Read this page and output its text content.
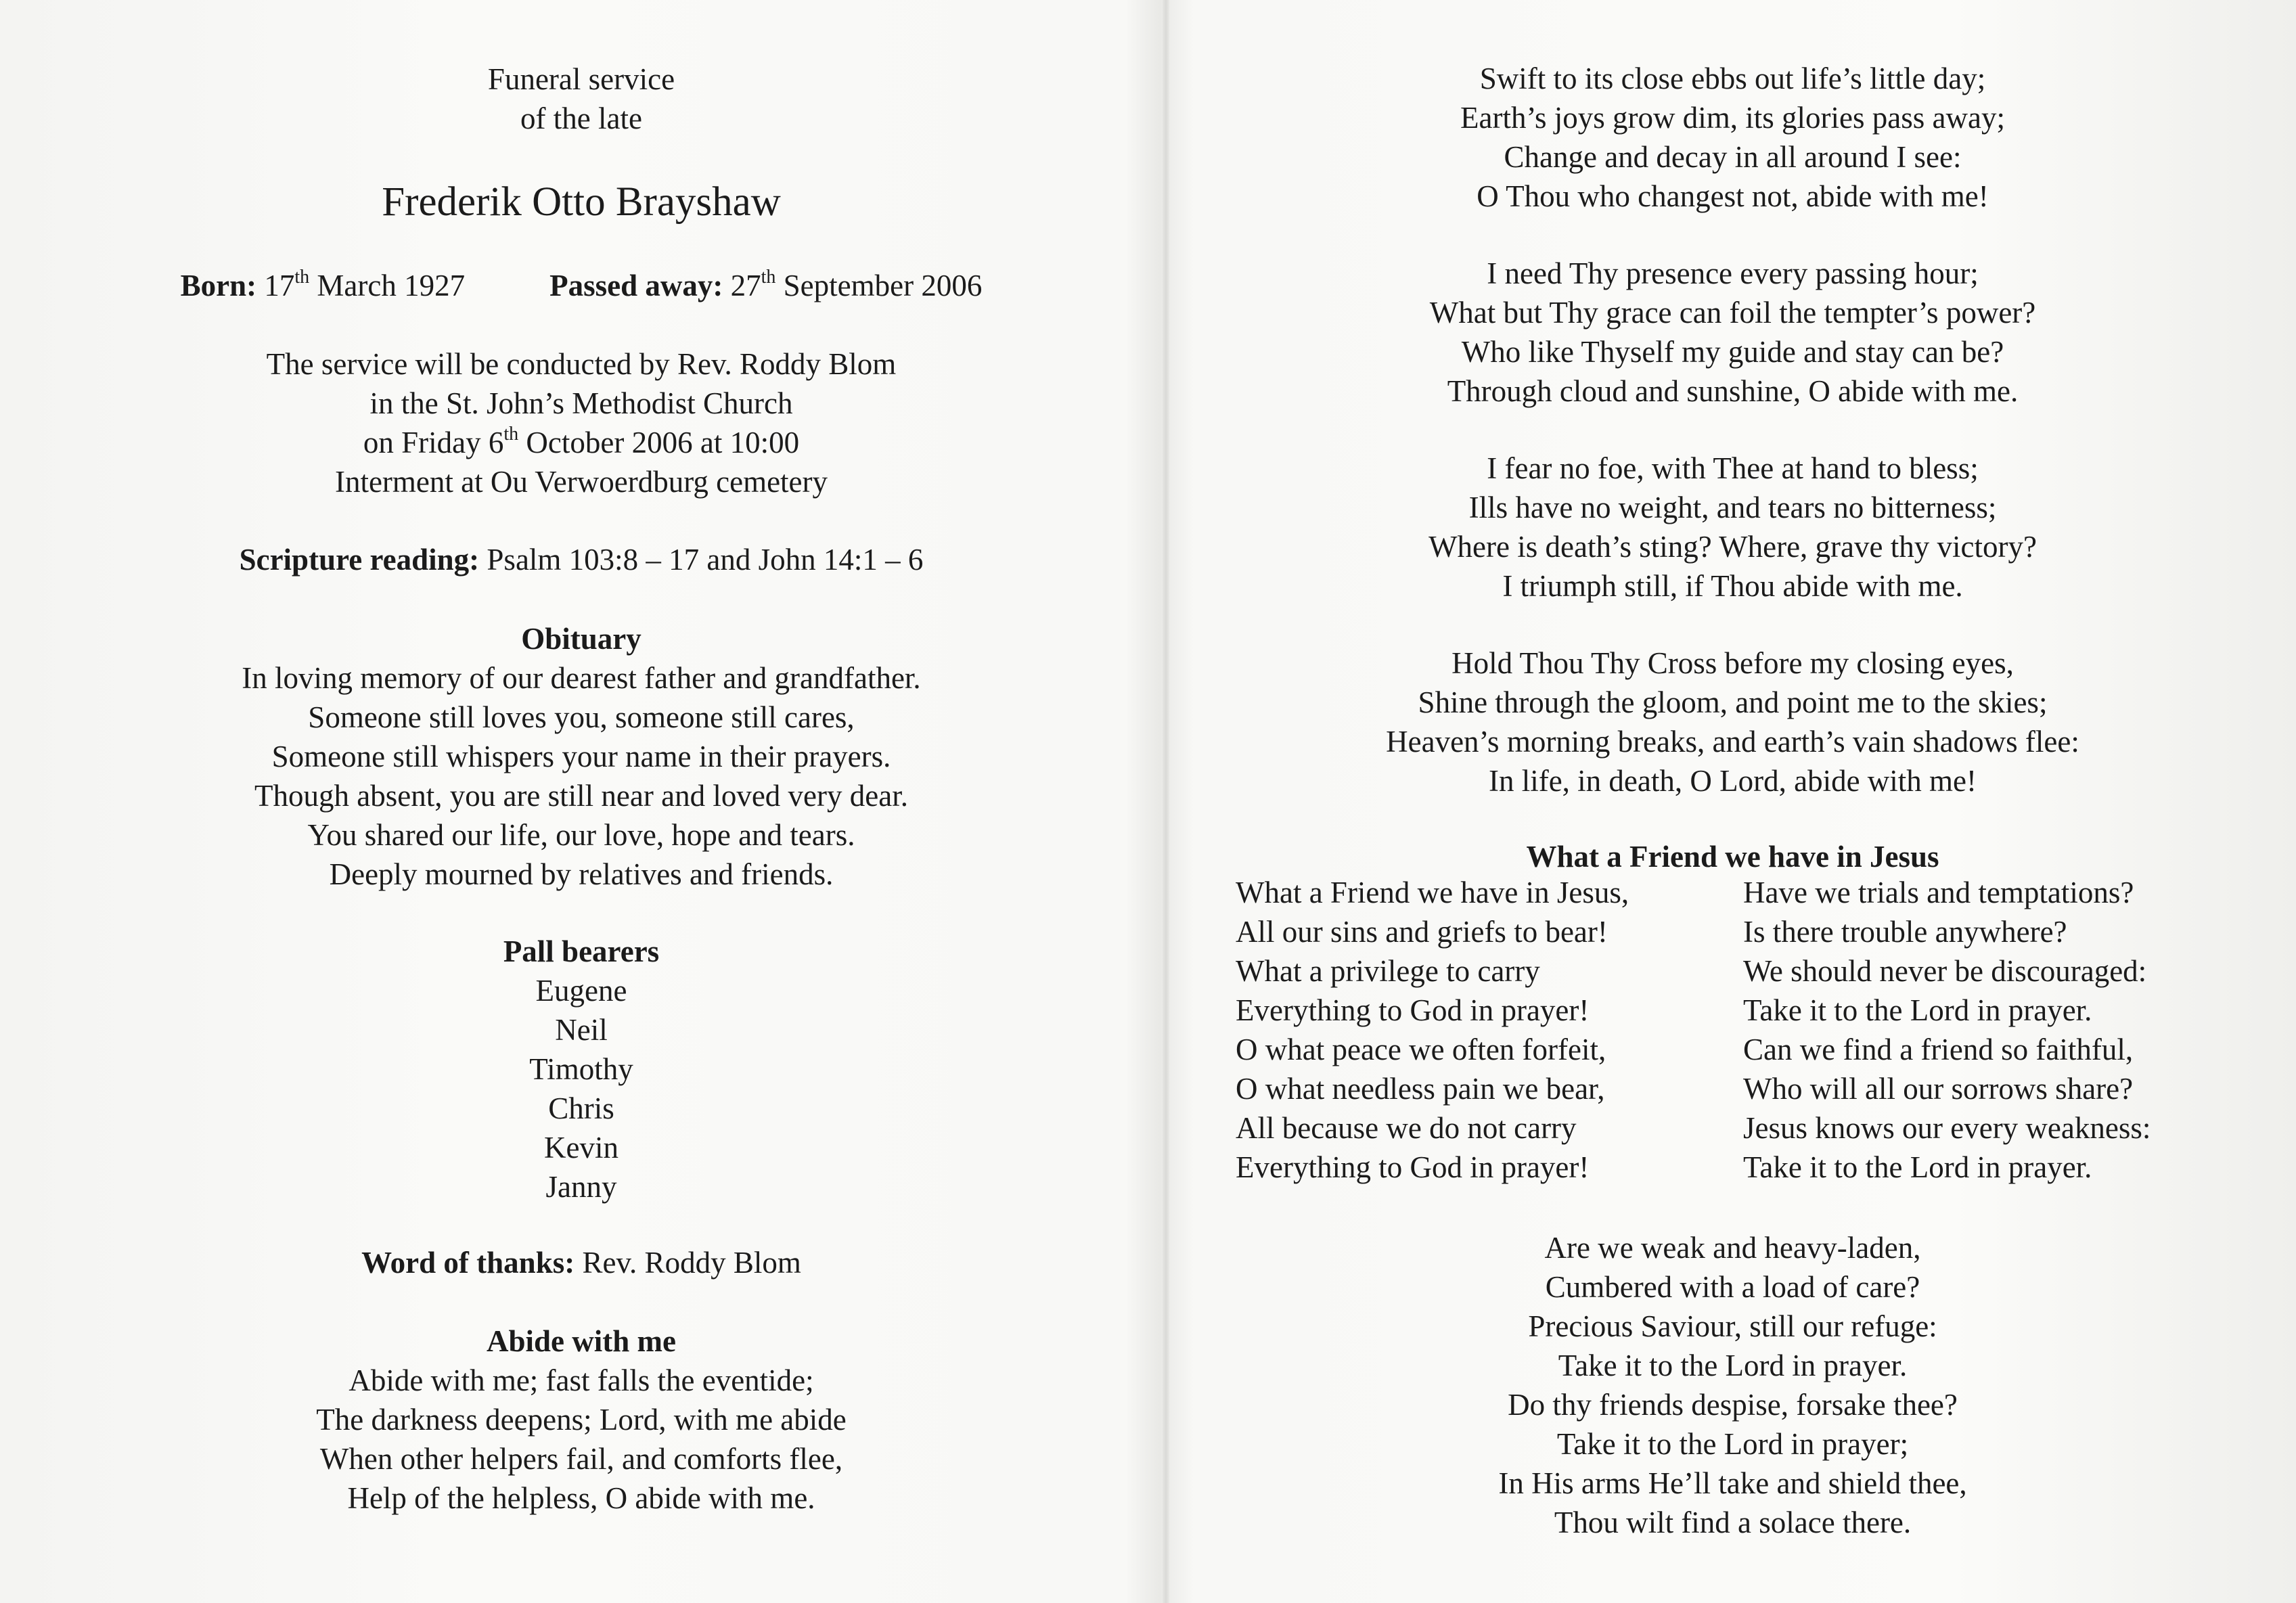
Funeral service
of the late
Frederik Otto Brayshaw
Born: 17th March 1927	Passed away: 27th September 2006
The service will be conducted by Rev. Roddy Blom
in the St. John’s Methodist Church
on Friday 6th October 2006 at 10:00
Interment at Ou Verwoerdburg cemetery
Scripture reading: Psalm 103:8 – 17 and John 14:1 – 6
Obituary
In loving memory of our dearest father and grandfather.
Someone still loves you, someone still cares,
Someone still whispers your name in their prayers.
Though absent, you are still near and loved very dear.
You shared our life, our love, hope and tears.
Deeply mourned by relatives and friends.
Pall bearers
Eugene
Neil
Timothy
Chris
Kevin
Janny
Word of thanks: Rev. Roddy Blom
Abide with me
Abide with me; fast falls the eventide;
The darkness deepens; Lord, with me abide
When other helpers fail, and comforts flee,
Help of the helpless, O abide with me.
Swift to its close ebbs out life’s little day;
Earth’s joys grow dim, its glories pass away;
Change and decay in all around I see:
O Thou who changest not, abide with me!
I need Thy presence every passing hour;
What but Thy grace can foil the tempter’s power?
Who like Thyself my guide and stay can be?
Through cloud and sunshine, O abide with me.
I fear no foe, with Thee at hand to bless;
Ills have no weight, and tears no bitterness;
Where is death’s sting? Where, grave thy victory?
I triumph still, if Thou abide with me.
Hold Thou Thy Cross before my closing eyes,
Shine through the gloom, and point me to the skies;
Heaven’s morning breaks, and earth’s vain shadows flee:
In life, in death, O Lord, abide with me!
What a Friend we have in Jesus
What a Friend we have in Jesus,
All our sins and griefs to bear!
What a privilege to carry
Everything to God in prayer!
O what peace we often forfeit,
O what needless pain we bear,
All because we do not carry
Everything to God in prayer!
Have we trials and temptations?
Is there trouble anywhere?
We should never be discouraged:
Take it to the Lord in prayer.
Can we find a friend so faithful,
Who will all our sorrows share?
Jesus knows our every weakness:
Take it to the Lord in prayer.
Are we weak and heavy-laden,
Cumbered with a load of care?
Precious Saviour, still our refuge:
Take it to the Lord in prayer.
Do thy friends despise, forsake thee?
Take it to the Lord in prayer;
In His arms He’ll take and shield thee,
Thou wilt find a solace there.
